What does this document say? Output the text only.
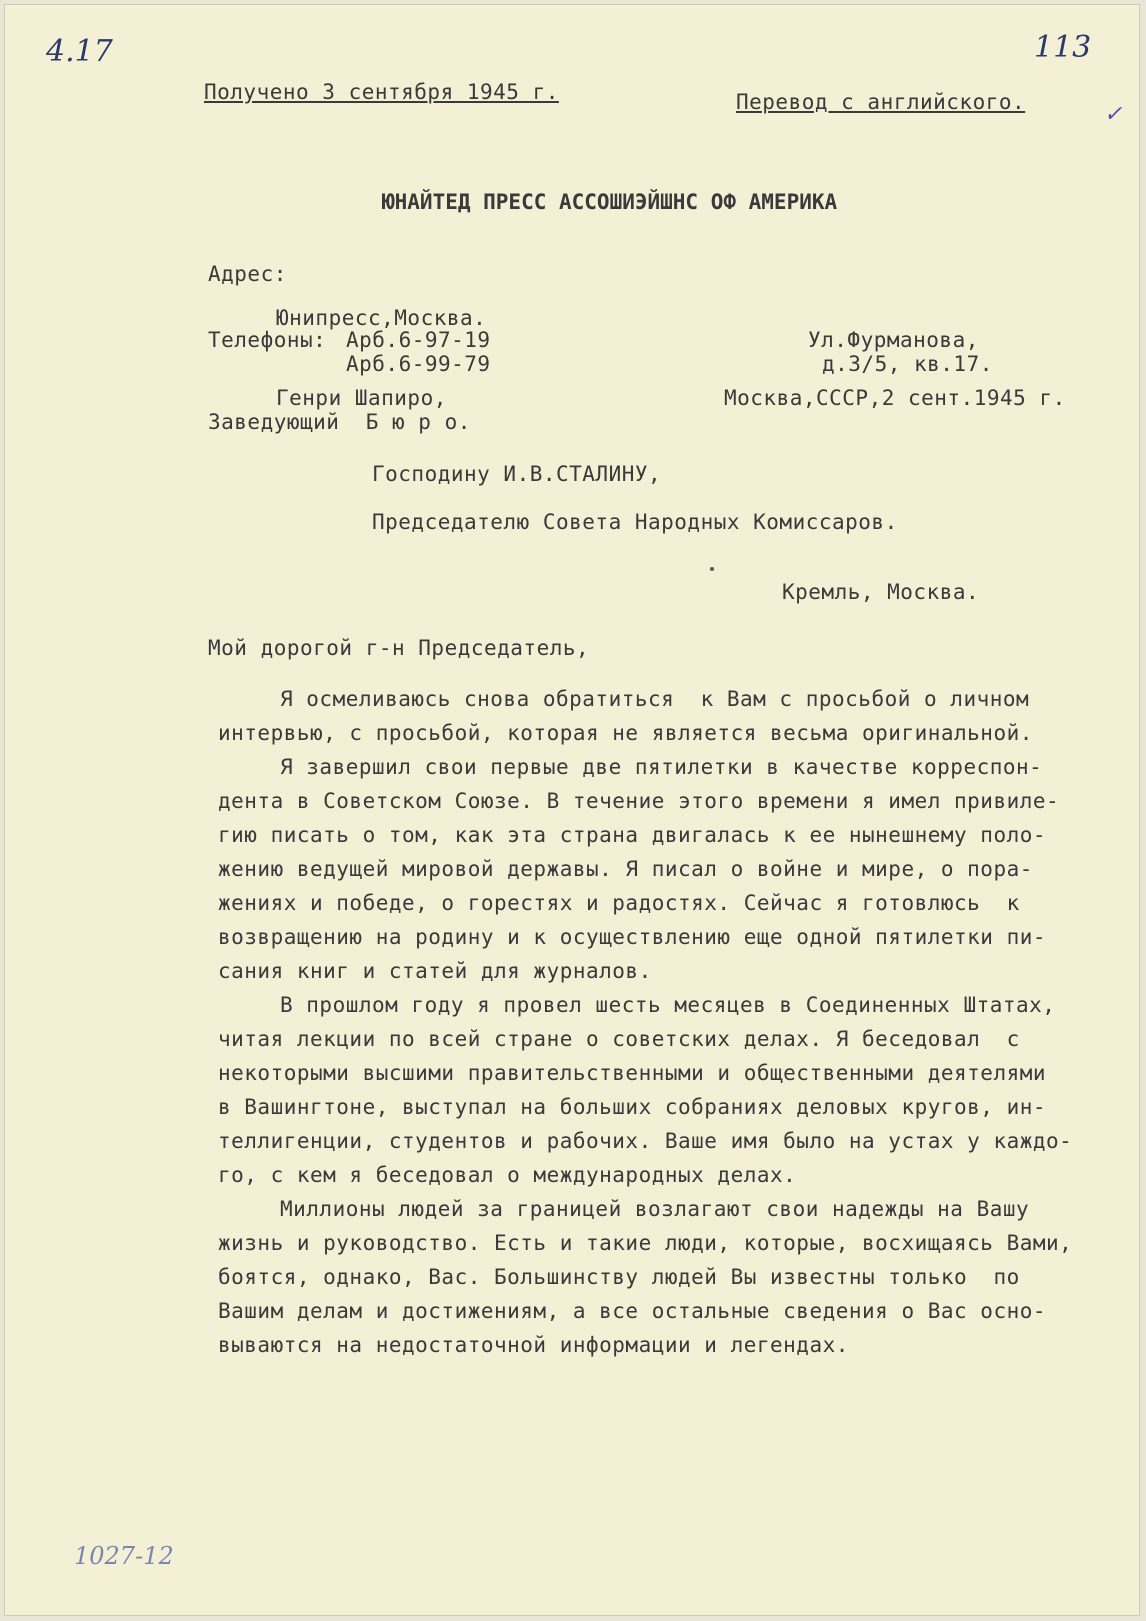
4.17	113
✓
1027-12
Получено 3 сентября 1945 г.	Перевод с английского.
ЮНАЙТЕД ПРЕСС АССОШИЭЙШНС ОФ АМЕРИКА
Адрес:
Юнипресс,Москва.
Телефоны: Арб.6-97-19
Арб.6-99-79
Генри Шапиро,
Заведующий  Б ю р о.
Ул.Фурманова,
д.3/5, кв.17.
Москва,СССР,2 сент.1945 г.
Господину И.В.СТАЛИНУ,
Председателю Совета Народных Комиссаров.
Кремль, Москва.
Мой дорогой г-н Председатель,

Я осмеливаюсь снова обратиться  к Вам с просьбой о личном

интервью, с просьбой, которая не является весьма оригинальной.

Я завершил свои первые две пятилетки в качестве корреспон-

дента в Советском Союзе. В течение этого времени я имел привиле-

гию писать о том, как эта страна двигалась к ее нынешнему поло-

жению ведущей мировой державы. Я писал о войне и мире, о пора-

жениях и победе, о горестях и радостях. Сейчас я готовлюсь  к

возвращению на родину и к осуществлению еще одной пятилетки пи-

сания книг и статей для журналов.

В прошлом году я провел шесть месяцев в Соединенных Штатах,

читая лекции по всей стране о советских делах. Я беседовал  с

некоторыми высшими правительственными и общественными деятелями

в Вашингтоне, выступал на больших собраниях деловых кругов, ин-

теллигенции, студентов и рабочих. Ваше имя было на устах у каждо-

го, с кем я беседовал о международных делах.

Миллионы людей за границей возлагают свои надежды на Вашу

жизнь и руководство. Есть и такие люди, которые, восхищаясь Вами,

боятся, однако, Вас. Большинству людей Вы известны только  по

Вашим делам и достижениям, а все остальные сведения о Вас осно-

вываются на недостаточной информации и легендах.
